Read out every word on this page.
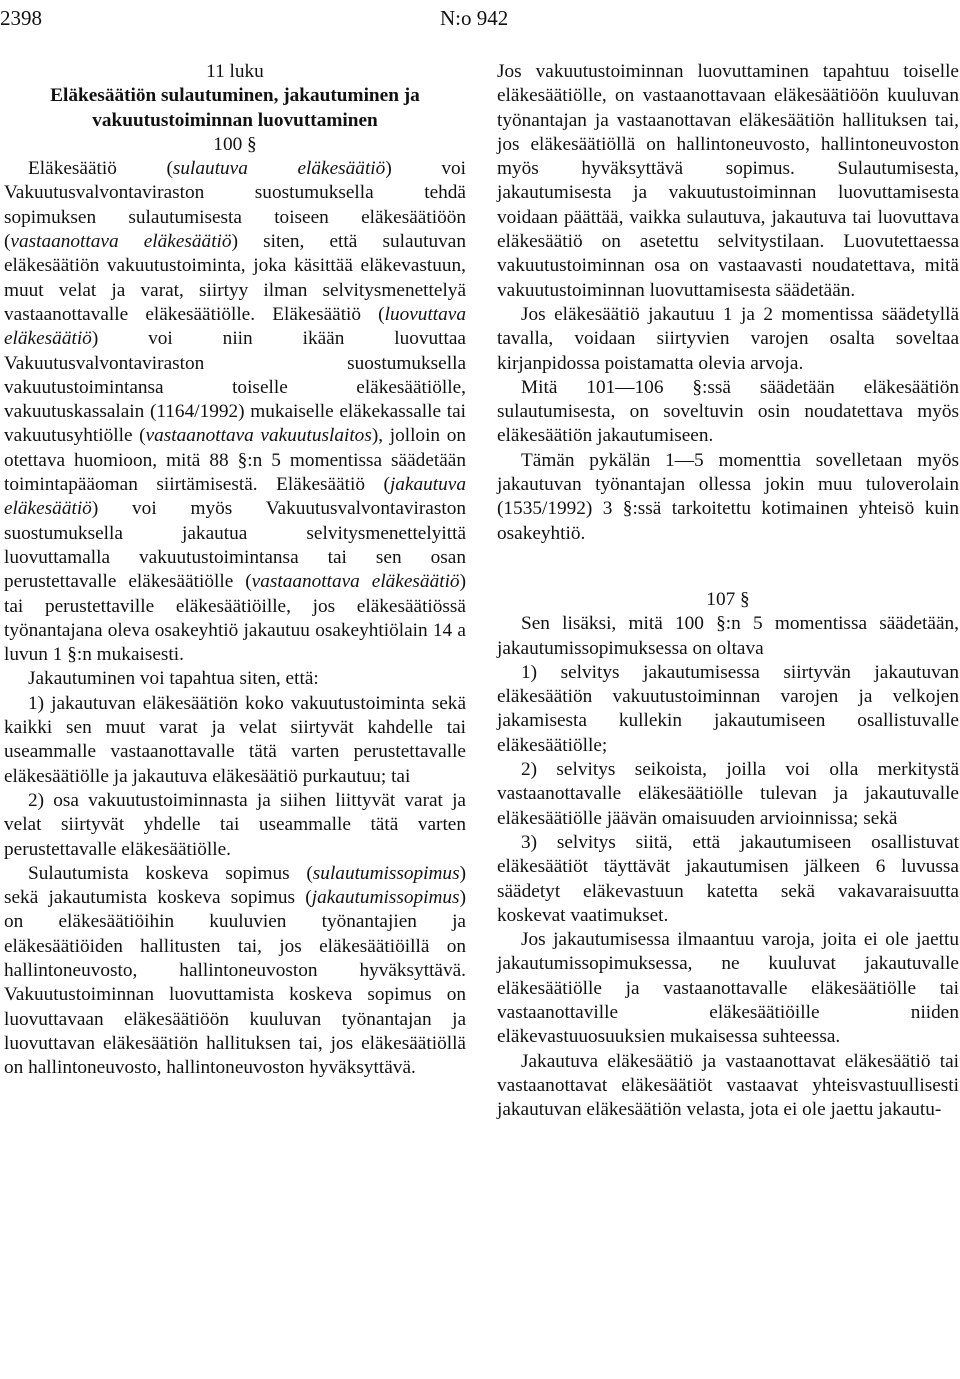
2398	N:o 942

11 luku

Eläkesäätiön sulautuminen, jakautuminen ja vakuutustoiminnan luovuttaminen

100 §

Eläkesäätiö (sulautuva eläkesäätiö) voi Vakuutusvalvontaviraston suostumuksella tehdä sopimuksen sulautumisesta toiseen eläkesäätiöön (vastaanottava eläkesäätiö) siten, että sulautuvan eläkesäätiön vakuutustoiminta, joka käsittää eläkevastuun, muut velat ja varat, siirtyy ilman selvitysmenettelyä vastaanottavalle eläkesäätiölle. Eläkesäätiö (luovuttava eläkesäätiö) voi niin ikään luovuttaa Vakuutusvalvontaviraston suostumuksella vakuutustoimintansa toiselle eläkesäätiölle, vakuutuskassalain (1164/1992) mukaiselle eläkekassalle tai vakuutusyhtiölle (vastaanottava vakuutuslaitos), jolloin on otettava huomioon, mitä 88 §:n 5 momentissa säädetään toimintapääoman siirtämisestä. Eläkesäätiö (jakautuva eläkesäätiö) voi myös Vakuutusvalvontaviraston suostumuksella jakautua selvitysmenettelyittä luovuttamalla vakuutustoimintansa tai sen osan perustettavalle eläkesäätiölle (vastaanottava eläkesäätiö) tai perustettaville eläkesäätiöille, jos eläkesäätiössä työnantajana oleva osakeyhtiö jakautuu osakeyhtiölain 14 a luvun 1 §:n mukaisesti.

Jakautuminen voi tapahtua siten, että:

1) jakautuvan eläkesäätiön koko vakuutustoiminta sekä kaikki sen muut varat ja velat siirtyvät kahdelle tai useammalle vastaanottavalle tätä varten perustettavalle eläkesäätiölle ja jakautuva eläkesäätiö purkautuu; tai

2) osa vakuutustoiminnasta ja siihen liittyvät varat ja velat siirtyvät yhdelle tai useammalle tätä varten perustettavalle eläkesäätiölle.

Sulautumista koskeva sopimus (sulautumissopimus) sekä jakautumista koskeva sopimus (jakautumissopimus) on eläkesäätiöihin kuuluvien työnantajien ja eläkesäätiöiden hallitusten tai, jos eläkesäätiöillä on hallintoneuvosto, hallintoneuvoston hyväksyttävä. Vakuutustoiminnan luovuttamista koskeva sopimus on luovuttavaan eläkesäätiöön kuuluvan työnantajan ja luovuttavan eläkesäätiön hallituksen tai, jos eläkesäätiöllä on hallintoneuvosto, hallintoneuvoston hyväksyttävä.

Jos vakuutustoiminnan luovuttaminen tapahtuu toiselle eläkesäätiölle, on vastaanottavaan eläkesäätiöön kuuluvan työnantajan ja vastaanottavan eläkesäätiön hallituksen tai, jos eläkesäätiöllä on hallintoneuvosto, hallintoneuvoston myös hyväksyttävä sopimus. Sulautumisesta, jakautumisesta ja vakuutustoiminnan luovuttamisesta voidaan päättää, vaikka sulautuva, jakautuva tai luovuttava eläkesäätiö on asetettu selvitystilaan. Luovutettaessa vakuutustoiminnan osa on vastaavasti noudatettava, mitä vakuutustoiminnan luovuttamisesta säädetään.

Jos eläkesäätiö jakautuu 1 ja 2 momentissa säädetyllä tavalla, voidaan siirtyvien varojen osalta soveltaa kirjanpidossa poistamatta olevia arvoja.

Mitä 101—106 §:ssä säädetään eläkesäätiön sulautumisesta, on soveltuvin osin noudatettava myös eläkesäätiön jakautumiseen.

Tämän pykälän 1—5 momenttia sovelletaan myös jakautuvan työnantajan ollessa jokin muu tuloverolain (1535/1992) 3 §:ssä tarkoitettu kotimainen yhteisö kuin osakeyhtiö.

107 §

Sen lisäksi, mitä 100 §:n 5 momentissa säädetään, jakautumissopimuksessa on oltava

1) selvitys jakautumisessa siirtyvän jakautuvan eläkesäätiön vakuutustoiminnan varojen ja velkojen jakamisesta kullekin jakautumiseen osallistuvalle eläkesäätiölle;

2) selvitys seikoista, joilla voi olla merkitystä vastaanottavalle eläkesäätiölle tulevan ja jakautuvalle eläkesäätiölle jäävän omaisuuden arvioinnissa; sekä

3) selvitys siitä, että jakautumiseen osallistuvat eläkesäätiöt täyttävät jakautumisen jälkeen 6 luvussa säädetyt eläkevastuun katetta sekä vakavaraisuutta koskevat vaatimukset.

Jos jakautumisessa ilmaantuu varoja, joita ei ole jaettu jakautumissopimuksessa, ne kuuluvat jakautuvalle eläkesäätiölle ja vastaanottavalle eläkesäätiölle tai vastaanottaville eläkesäätiöille niiden eläkevastuuosuuksien mukaisessa suhteessa.

Jakautuva eläkesäätiö ja vastaanottavat eläkesäätiö tai vastaanottavat eläkesäätiöt vastaavat yhteisvastuullisesti jakautuvan eläkesäätiön velasta, jota ei ole jaettu jakautu-
